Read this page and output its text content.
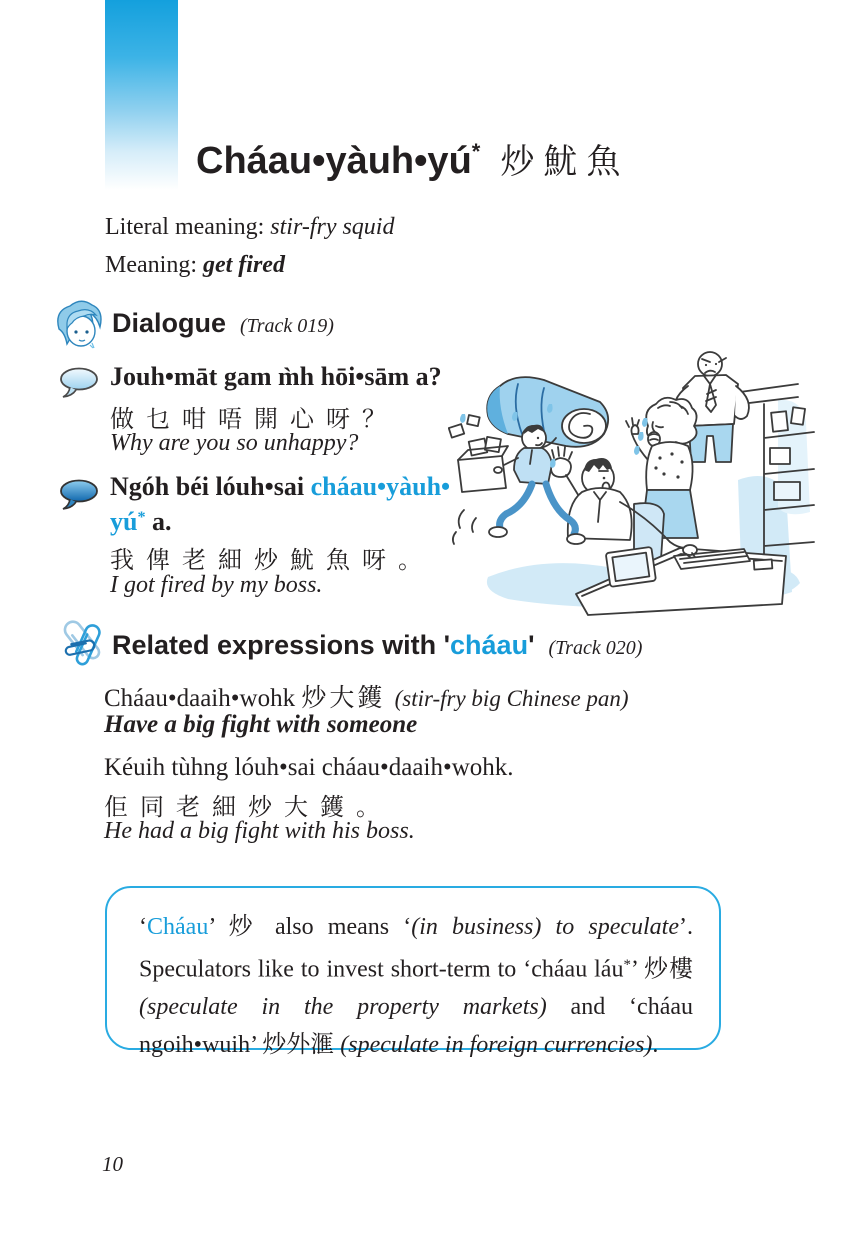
10
Cháau•yàuh•yú* 炒魷魚
Literal meaning: stir-fry squid
Meaning: get fired
Dialogue (Track 019)
Jouh•māt gam m̀h hōi•sām a?
做乜咁唔開心呀？
Why are you so unhappy?
Ngóh béi lóuh•sai cháau•yàuh•
yú* a.
我俾老細炒魷魚呀。
I got fired by my boss.
Related expressions with 'cháau' (Track 020)
Cháau•daaih•wohk 炒大鑊 (stir-fry big Chinese pan)
Have a big fight with someone
Kéuih tùhng lóuh•sai cháau•daaih•wohk.
佢同老細炒大鑊。
He had a big fight with his boss.
‘Cháau’ 炒 also means ‘(in business) to speculate’. Speculators like to invest short-term to ‘cháau láu*’ 炒樓 (speculate in the property markets) and ‘cháau ngoih•wuih’ 炒外滙 (speculate in foreign currencies).
10
